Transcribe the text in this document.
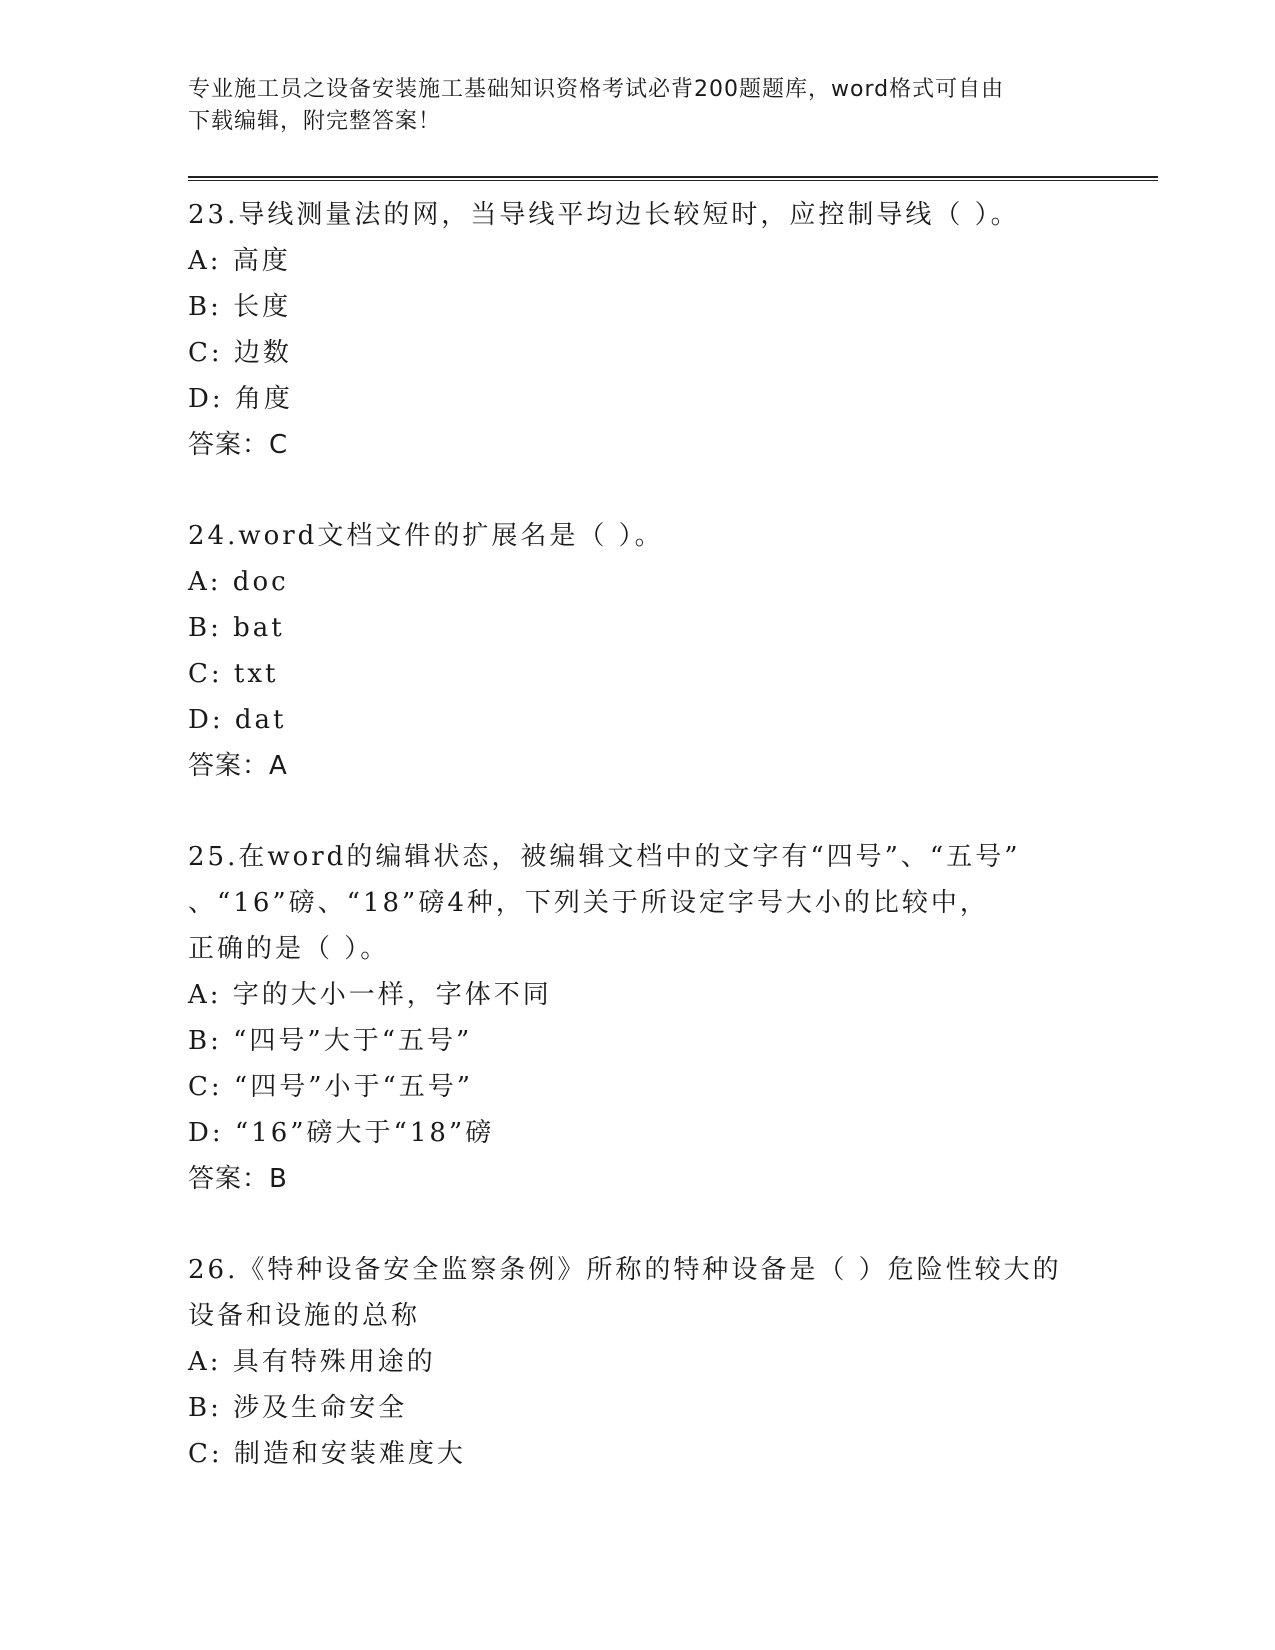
专业施工员之设备安装施工基础知识资格考试必背200题题库，word格式可自由
下载编辑，附完整答案！
23.导线测量法的网，当导线平均边长较短时，应控制导线（ ）。
A: 高度
B: 长度
C: 边数
D: 角度
答案：C
24.word文档文件的扩展名是（ ）。
A: doc
B: bat
C: txt
D: dat
答案：A
25.在word的编辑状态，被编辑文档中的文字有“四号”、“五号”
、“16”磅、“18”磅4种，下列关于所设定字号大小的比较中，
正确的是（ ）。
A: 字的大小一样，字体不同
B: “四号”大于“五号”
C: “四号”小于“五号”
D: “16”磅大于“18”磅
答案：B
26.《特种设备安全监察条例》所称的特种设备是（ ）危险性较大的
设备和设施的总称
A: 具有特殊用途的
B: 涉及生命安全
C: 制造和安装难度大
